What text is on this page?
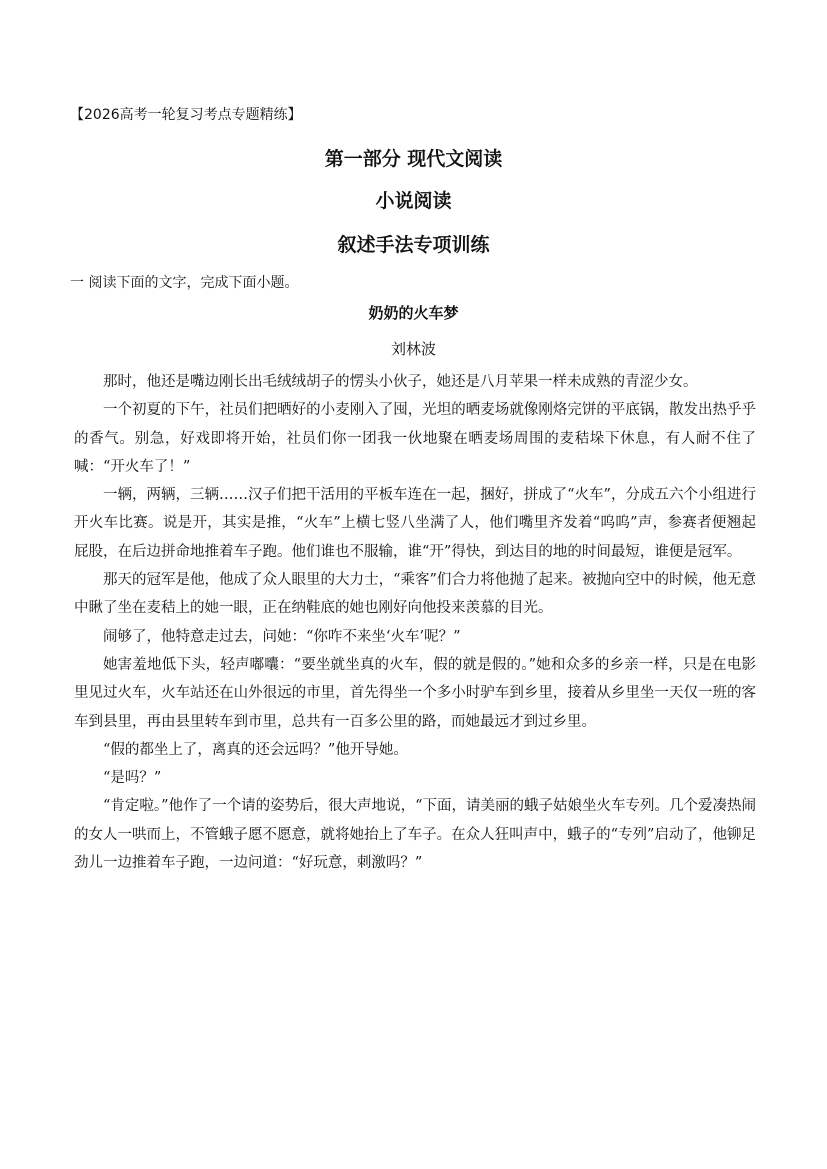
【2026高考一轮复习考点专题精练】
第一部分 现代文阅读
小说阅读
叙述手法专项训练
一 阅读下面的文字，完成下面小题。
奶奶的火车梦
刘林波

那时，他还是嘴边刚长出毛绒绒胡子的愣头小伙子，她还是八月苹果一样未成熟的青涩少女。

一个初夏的下午，社员们把晒好的小麦刚入了囤，光坦的晒麦场就像刚烙完饼的平底锅，散发出热乎乎的香气。别急，好戏即将开始，社员们你一团我一伙地聚在晒麦场周围的麦秸垛下休息，有人耐不住了喊：“开火车了！”

一辆，两辆，三辆……汉子们把干活用的平板车连在一起，捆好，拼成了“火车”，分成五六个小组进行开火车比赛。说是开，其实是推，“火车”上横七竖八坐满了人，他们嘴里齐发着“呜呜”声，参赛者便翘起屁股，在后边拼命地推着车子跑。他们谁也不服输，谁“开”得快，到达目的地的时间最短，谁便是冠军。

那天的冠军是他，他成了众人眼里的大力士，“乘客”们合力将他抛了起来。被抛向空中的时候，他无意中瞅了坐在麦秸上的她一眼，正在纳鞋底的她也刚好向他投来羡慕的目光。

闹够了，他特意走过去，问她：“你咋不来坐‘火车’呢？”

她害羞地低下头，轻声嘟囔：“要坐就坐真的火车，假的就是假的。”她和众多的乡亲一样，只是在电影里见过火车，火车站还在山外很远的市里，首先得坐一个多小时驴车到乡里，接着从乡里坐一天仅一班的客车到县里，再由县里转车到市里，总共有一百多公里的路，而她最远才到过乡里。

“假的都坐上了，离真的还会远吗？”他开导她。

“是吗？”

“肯定啦。”他作了一个请的姿势后，很大声地说，“下面，请美丽的蛾子姑娘坐火车专列。几个爱凑热闹的女人一哄而上，不管蛾子愿不愿意，就将她抬上了车子。在众人狂叫声中，蛾子的“专列”启动了，他铆足劲儿一边推着车子跑，一边问道：“好玩意，刺激吗？”
